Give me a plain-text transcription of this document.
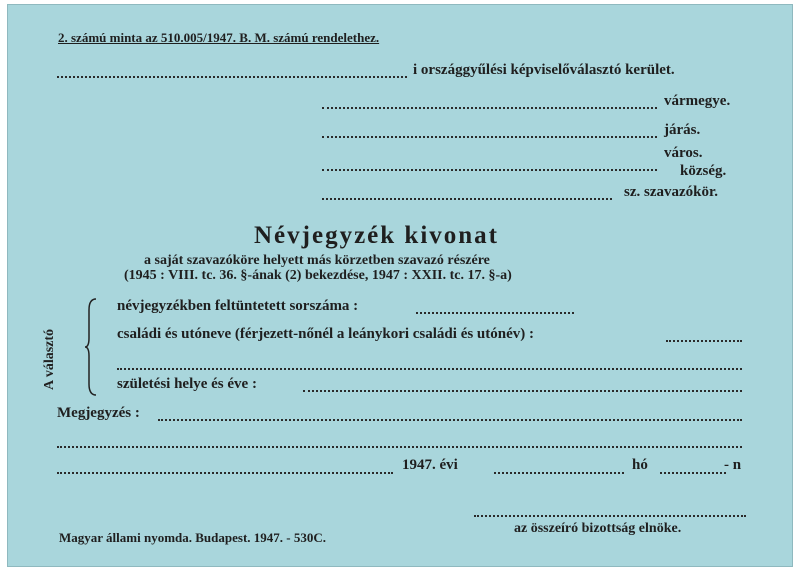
2. számú minta az 510.005/1947. B. M. számú rendelethez.
i országgyűlési képviselőválasztó kerület.
vármegye.
járás.
város.
község.
sz. szavazókör.
Névjegyzék kivonat
a saját szavazóköre helyett más körzetben szavazó részére
(1945 : VIII. tc. 36. §-ának (2) bekezdése, 1947 : XXII. tc. 17. §-a)
A választó
névjegyzékben feltüntetett sorszáma :
családi és utóneve (férjezett-nőnél a leánykori családi és utónév) :
születési helye és éve :
Megjegyzés :
1947. évi	hó	- n
az összeíró bizottság elnöke.
Magyar állami nyomda. Budapest. 1947. - 530C.
